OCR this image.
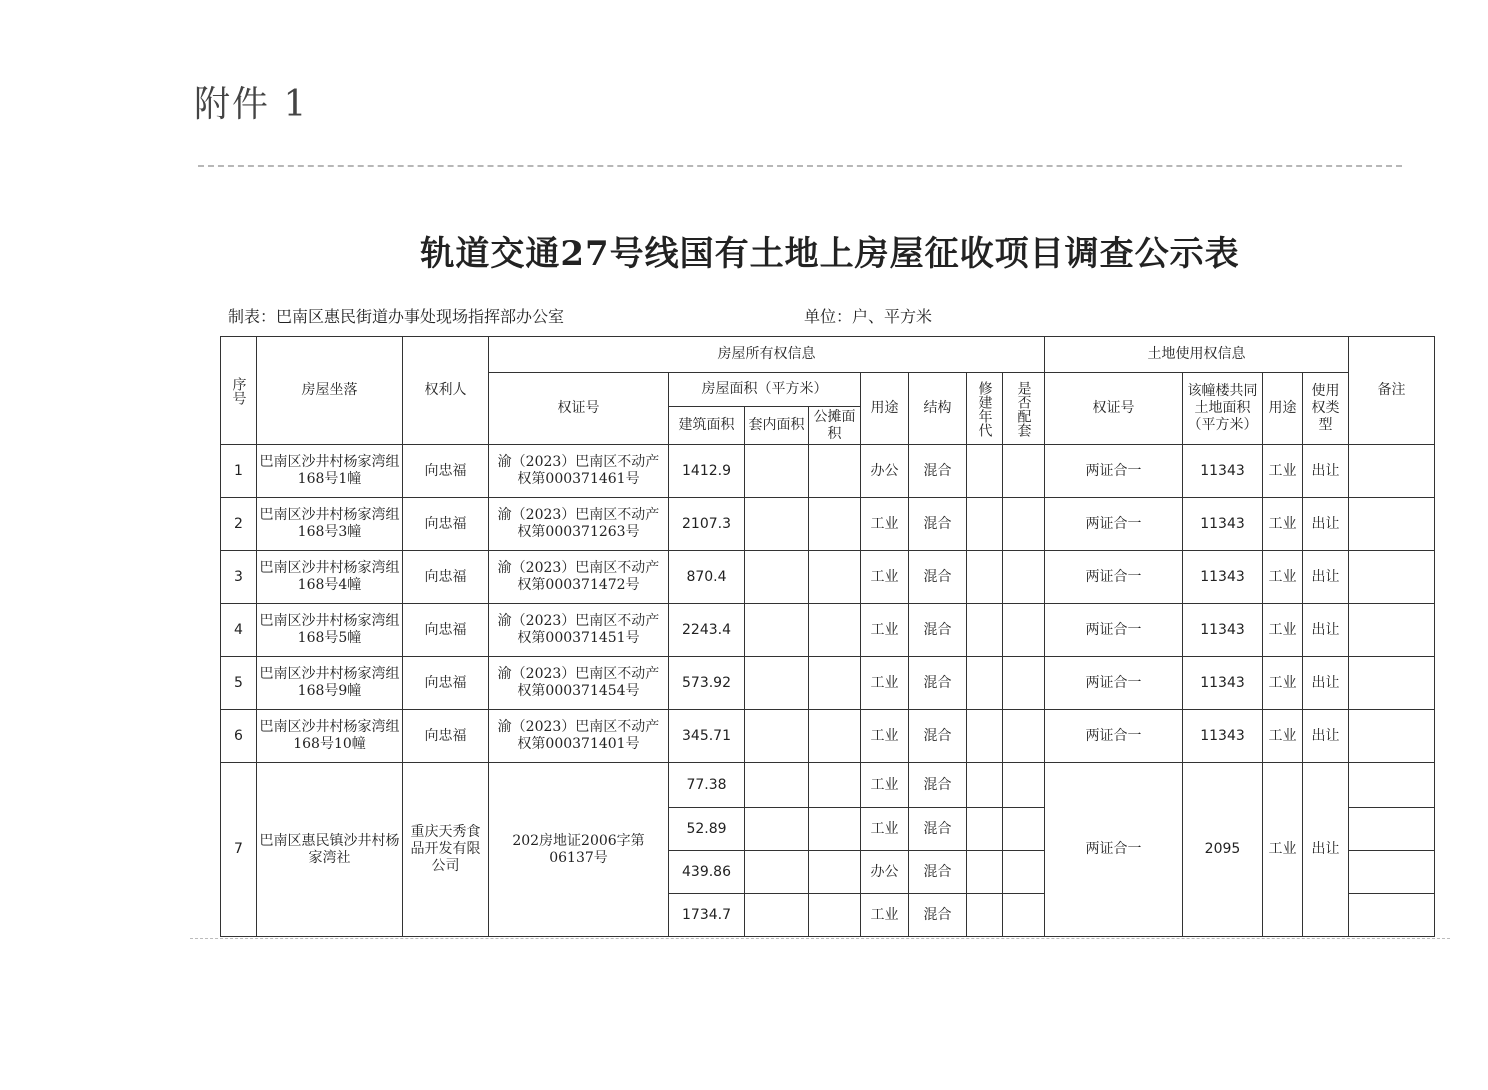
附件 1
轨道交通27号线国有土地上房屋征收项目调查公示表
制表：巴南区惠民街道办事处现场指挥部办公室	单位：户、平方米
序号	房屋坐落	权利人	房屋所有权信息								土地使用权信息				备注
			权证号	房屋面积（平方米）			用途	结构	修建年代	是否配套	权证号	该幢楼共同土地面积（平方米）	用途	使用权类型	
				建筑面积	套内面积	公摊面积									
1	巴南区沙井村杨家湾组168号1幢	向忠福	渝（2023）巴南区不动产权第000371461号	1412.9			办公	混合			两证合一	11343	工业	出让	
2	巴南区沙井村杨家湾组168号3幢	向忠福	渝（2023）巴南区不动产权第000371263号	2107.3			工业	混合			两证合一	11343	工业	出让	
3	巴南区沙井村杨家湾组168号4幢	向忠福	渝（2023）巴南区不动产权第000371472号	870.4			工业	混合			两证合一	11343	工业	出让	
4	巴南区沙井村杨家湾组168号5幢	向忠福	渝（2023）巴南区不动产权第000371451号	2243.4			工业	混合			两证合一	11343	工业	出让	
5	巴南区沙井村杨家湾组168号9幢	向忠福	渝（2023）巴南区不动产权第000371454号	573.92			工业	混合			两证合一	11343	工业	出让	
6	巴南区沙井村杨家湾组168号10幢	向忠福	渝（2023）巴南区不动产权第000371401号	345.71			工业	混合			两证合一	11343	工业	出让	
7	巴南区惠民镇沙井村杨家湾社	重庆天秀食品开发有限公司	202房地证2006字第06137号	77.38			工业	混合			两证合一	2095	工业	出让	
				52.89			工业	混合							
				439.86			办公	混合							
				1734.7			工业	混合							
